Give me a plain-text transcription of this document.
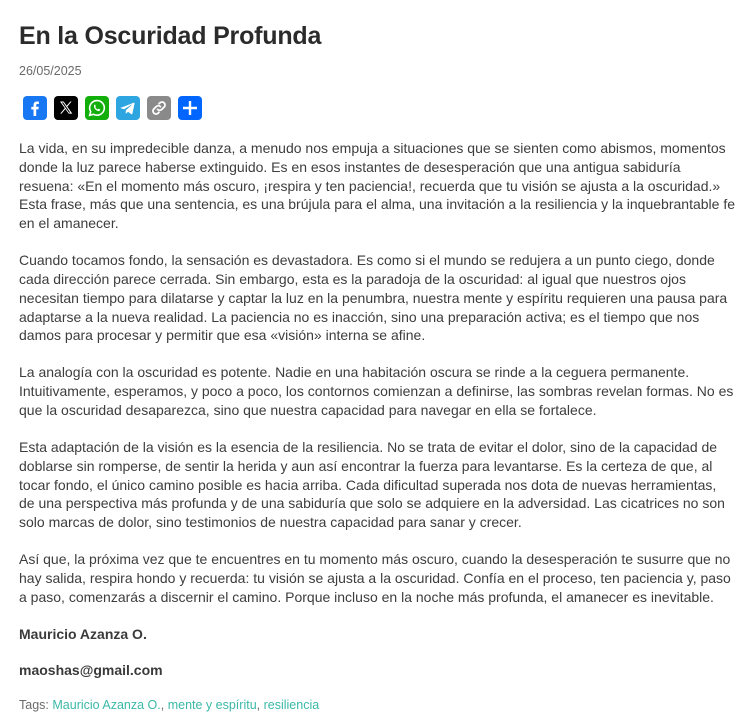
En la Oscuridad Profunda
26/05/2025

La vida, en su impredecible danza, a menudo nos empuja a situaciones que se sienten como abismos, momentos donde la luz parece haberse extinguido. Es en esos instantes de desesperación que una antigua sabiduría resuena: «En el momento más oscuro, ¡respira y ten paciencia!, recuerda que tu visión se ajusta a la oscuridad.» Esta frase, más que una sentencia, es una brújula para el alma, una invitación a la resiliencia y la inquebrantable fe en el amanecer.

Cuando tocamos fondo, la sensación es devastadora. Es como si el mundo se redujera a un punto ciego, donde cada dirección parece cerrada. Sin embargo, esta es la paradoja de la oscuridad: al igual que nuestros ojos necesitan tiempo para dilatarse y captar la luz en la penumbra, nuestra mente y espíritu requieren una pausa para adaptarse a la nueva realidad. La paciencia no es inacción, sino una preparación activa; es el tiempo que nos damos para procesar y permitir que esa «visión» interna se afine.

La analogía con la oscuridad es potente. Nadie en una habitación oscura se rinde a la ceguera permanente. Intuitivamente, esperamos, y poco a poco, los contornos comienzan a definirse, las sombras revelan formas. No es que la oscuridad desaparezca, sino que nuestra capacidad para navegar en ella se fortalece.

Esta adaptación de la visión es la esencia de la resiliencia. No se trata de evitar el dolor, sino de la capacidad de doblarse sin romperse, de sentir la herida y aun así encontrar la fuerza para levantarse. Es la certeza de que, al tocar fondo, el único camino posible es hacia arriba. Cada dificultad superada nos dota de nuevas herramientas, de una perspectiva más profunda y de una sabiduría que solo se adquiere en la adversidad. Las cicatrices no son solo marcas de dolor, sino testimonios de nuestra capacidad para sanar y crecer.

Así que, la próxima vez que te encuentres en tu momento más oscuro, cuando la desesperación te susurre que no hay salida, respira hondo y recuerda: tu visión se ajusta a la oscuridad. Confía en el proceso, ten paciencia y, paso a paso, comenzarás a discernir el camino. Porque incluso en la noche más profunda, el amanecer es inevitable.

Mauricio Azanza O.

maoshas@gmail.com

Tags: Mauricio Azanza O., mente y espíritu, resiliencia
